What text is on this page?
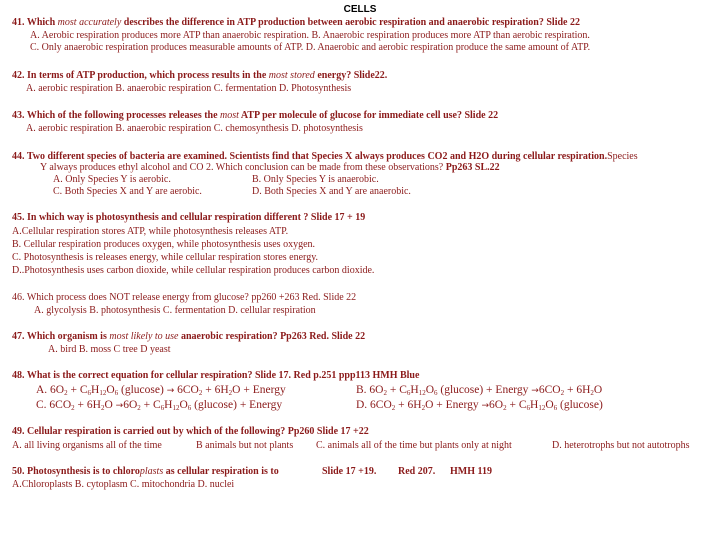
CELLS
41. Which most accurately describes the difference in ATP production between aerobic respiration and anaerobic respiration? Slide 22
A. Aerobic respiration produces more ATP than anaerobic respiration. B. Anaerobic respiration produces more ATP than aerobic respiration.
C. Only anaerobic respiration produces measurable amounts of ATP. D. Anaerobic and aerobic respiration produce the same amount of ATP.
42. In terms of ATP production, which process results in the most stored energy? Slide22.
A. aerobic respiration B. anaerobic respiration C. fermentation D. Photosynthesis
43. Which of the following processes releases the most ATP per molecule of glucose for immediate cell use? Slide 22
A. aerobic respiration B. anaerobic respiration C. chemosynthesis D. photosynthesis
44. Two different species of bacteria are examined. Scientists find that Species X always produces CO2 and H2O during cellular respiration.Species
Y always produces ethyl alcohol and CO 2. Which conclusion can be made from these observations? Pp263 SL.22
A. Only Species Y is aerobic.	B. Only Species Y is anaerobic.
C. Both Species X and Y are aerobic.	D. Both Species X and Y are anaerobic.
45. In which way is photosynthesis and cellular respiration different ? Slide 17 + 19
A.Cellular respiration stores ATP, while photosynthesis releases ATP.
B. Cellular respiration produces oxygen, while photosynthesis uses oxygen.
C. Photosynthesis is releases energy, while cellular respiration stores energy.
D..Photosynthesis uses carbon dioxide, while cellular respiration produces carbon dioxide.
46. Which process does NOT release energy from glucose? pp260 +263 Red. Slide 22
A. glycolysis B. photosynthesis C. fermentation D. cellular respiration
47. Which organism is most likely to use anaerobic respiration? Pp263 Red. Slide 22
A. bird B. moss C tree D yeast
48. What is the correct equation for cellular respiration? Slide 17. Red p.251 ppp113 HMH Blue
A. $6O_2 + C_6H_{12}O_6$ $(glucose) \to 6CO_2 + 6H_2O$ + Energy	B. $6O_2 + C_6H_{12}O_6$ (glucose) + Energy $\to 6CO_2 + 6H_2O$
C. $6CO_2 + 6H_2O \to 6O_2 + C_6H_{12}O_6$ (glucose) + Energy	D. $6CO_2 + 6H_2O$ + Energy $\to 6O_2 + C_6H_{12}O_6$ (glucose)
49. Cellular respiration is carried out by which of the following? Pp260 Slide 17 +22
A. all living organisms all of the time	B animals but not plants C. animals all of the time but plants only at night	D. heterotrophs but not autotrophs
50. Photosynthesis is to chloroplasts as cellular respiration is to	Slide 17 +19. Red 207. HMH 119
A.Chloroplasts B. cytoplasm C. mitochondria D. nuclei
